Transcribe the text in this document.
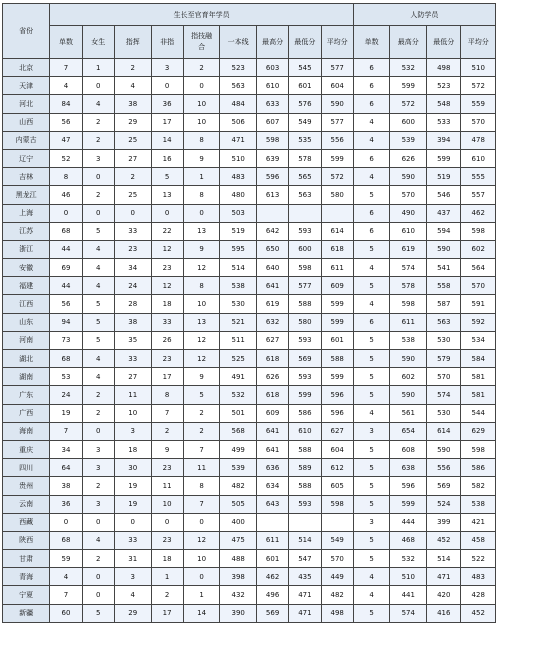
省份	生长至官育年学员									人防学员			
	单数	女生	指挥	非指	指技融合	一本线	最高分	最低分	平均分	单数	最高分	最低分	平均分
北京	7	1	2	3	2	523	603	545	577	6	532	498	510
天津	4	0	4	0	0	563	610	601	604	6	599	523	572
河北	84	4	38	36	10	484	633	576	590	6	572	548	559
山西	56	2	29	17	10	506	607	549	577	4	600	533	570
内蒙古	47	2	25	14	8	471	598	535	556	4	539	394	478
辽宁	52	3	27	16	9	510	639	578	599	6	626	599	610
吉林	8	0	2	5	1	483	596	565	572	4	590	519	555
黑龙江	46	2	25	13	8	480	613	563	580	5	570	546	557
上海	0	0	0	0	0	503				6	490	437	462
江苏	68	5	33	22	13	519	642	593	614	6	610	594	598
浙江	44	4	23	12	9	595	650	600	618	5	619	590	602
安徽	69	4	34	23	12	514	640	598	611	4	574	541	564
福建	44	4	24	12	8	538	641	577	609	5	578	558	570
江西	56	5	28	18	10	530	619	588	599	4	598	587	591
山东	94	5	38	33	13	521	632	580	599	6	611	563	592
河南	73	5	35	26	12	511	627	593	601	5	538	530	534
湖北	68	4	33	23	12	525	618	569	588	5	590	579	584
湖南	53	4	27	17	9	491	626	593	599	5	602	570	581
广东	24	2	11	8	5	532	618	599	596	5	590	574	581
广西	19	2	10	7	2	501	609	586	596	4	561	530	544
海南	7	0	3	2	2	568	641	610	627	3	654	614	629
重庆	34	3	18	9	7	499	641	588	604	5	608	590	598
四川	64	3	30	23	11	539	636	589	612	5	638	556	586
贵州	38	2	19	11	8	482	634	588	605	5	596	569	582
云南	36	3	19	10	7	505	643	593	598	5	599	524	538
西藏	0	0	0	0	0	400				3	444	399	421
陕西	68	4	33	23	12	475	611	514	549	5	468	452	458
甘肃	59	2	31	18	10	488	601	547	570	5	532	514	522
青海	4	0	3	1	0	398	462	435	449	4	510	471	483
宁夏	7	0	4	2	1	432	496	471	482	4	441	420	428
新疆	60	5	29	17	14	390	569	471	498	5	574	416	452
